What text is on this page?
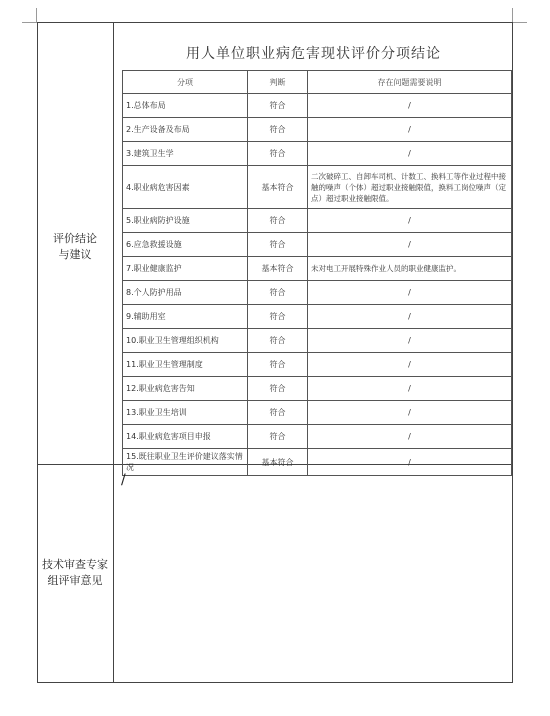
评价结论
与建议
技术审查专家
组评审意见
用人单位职业病危害现状评价分项结论
分项	判断	存在问题需要说明
1.总体布局	符合	/
2.生产设备及布局	符合	/
3.建筑卫生学	符合	/
4.职业病危害因素	基本符合	二次破碎工、自卸车司机、计数工、换料工等作业过程中接触的噪声（个体）超过职业接触限值，换料工岗位噪声（定点）超过职业接触限值。
5.职业病防护设施	符合	/
6.应急救援设施	符合	/
7.职业健康监护	基本符合	未对电工开展特殊作业人员的职业健康监护。
8.个人防护用品	符合	/
9.辅助用室	符合	/
10.职业卫生管理组织机构	符合	/
11.职业卫生管理制度	符合	/
12.职业病危害告知	符合	/
13.职业卫生培训	符合	/
14.职业病危害项目申报	符合	/
15.既往职业卫生评价建议落实情况	基本符合	/
/
